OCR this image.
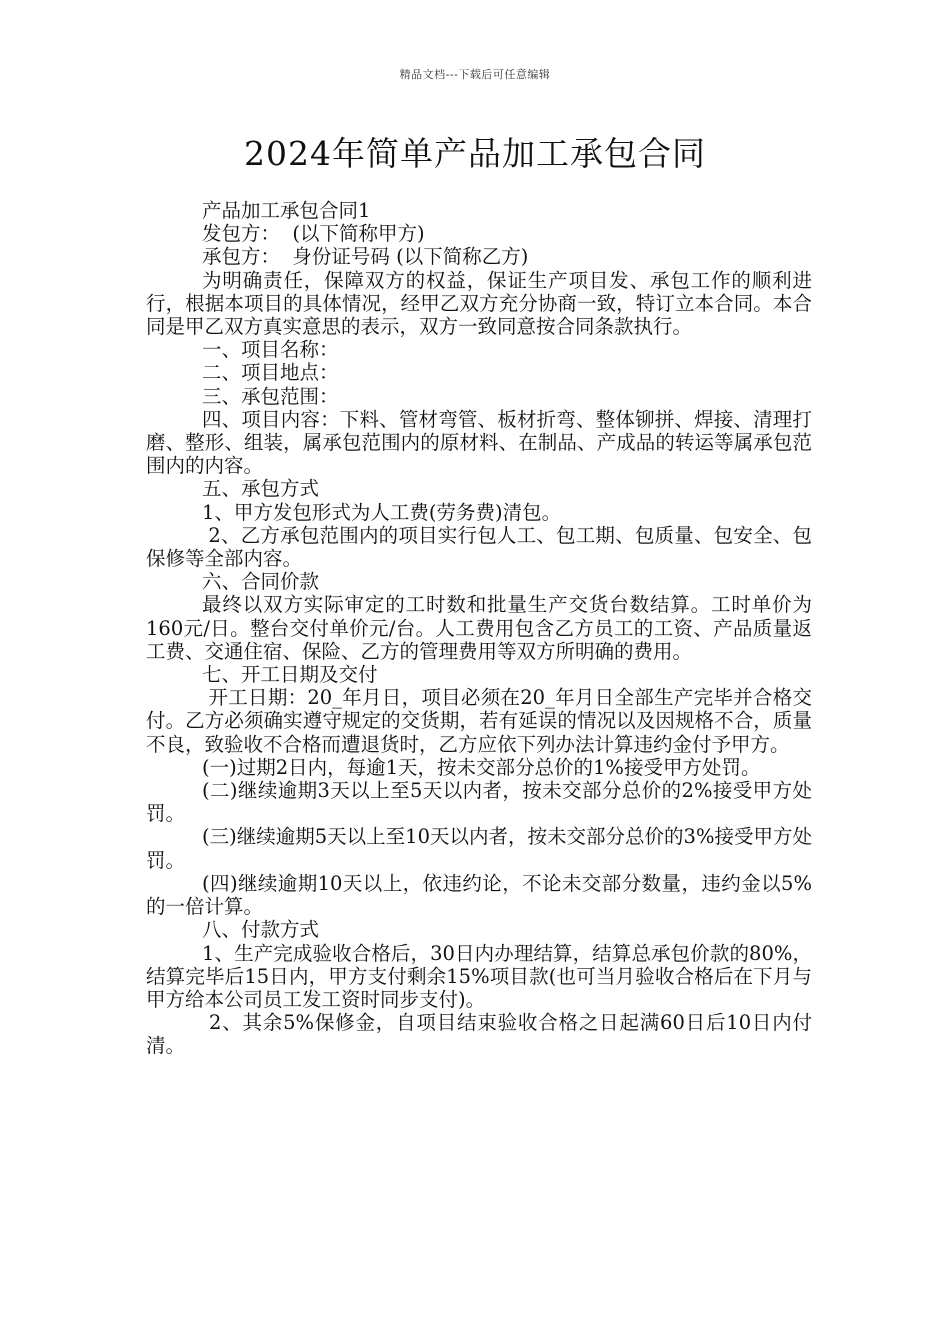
精品文档---下载后可任意编辑
2024年简单产品加工承包合同

产品加工承包合同1

发包方：  (以下简称甲方)

承包方：  身份证号码 (以下简称乙方)

为明确责任，保障双方的权益，保证生产项目发、承包工作的顺利进行，根据本项目的具体情况，经甲乙双方充分协商一致，特订立本合同。本合同是甲乙双方真实意思的表示，双方一致同意按合同条款执行。

一、项目名称：

二、项目地点：

三、承包范围：

四、项目内容：下料、管材弯管、板材折弯、整体铆拼、焊接、清理打磨、整形、组装，属承包范围内的原材料、在制品、产成品的转运等属承包范围内的内容。

五、承包方式

1、甲方发包形式为人工费(劳务费)清包。

2、乙方承包范围内的项目实行包人工、包工期、包质量、包安全、包保修等全部内容。

六、合同价款

最终以双方实际审定的工时数和批量生产交货台数结算。工时单价为160元/日。整台交付单价元/台。人工费用包含乙方员工的工资、产品质量返工费、交通住宿、保险、乙方的管理费用等双方所明确的费用。

七、开工日期及交付

开工日期：20_年月日，项目必须在20_年月日全部生产完毕并合格交付。乙方必须确实遵守规定的交货期，若有延误的情况以及因规格不合，质量不良，致验收不合格而遭退货时，乙方应依下列办法计算违约金付予甲方。

(一)过期2日内，每逾1天，按未交部分总价的1%接受甲方处罚。

(二)继续逾期3天以上至5天以内者，按未交部分总价的2%接受甲方处罚。

(三)继续逾期5天以上至10天以内者，按未交部分总价的3%接受甲方处罚。

(四)继续逾期10天以上，依违约论，不论未交部分数量，违约金以5%的一倍计算。

八、付款方式

1、生产完成验收合格后，30日内办理结算，结算总承包价款的80%，结算完毕后15日内，甲方支付剩余15%项目款(也可当月验收合格后在下月与甲方给本公司员工发工资时同步支付)。

2、其余5%保修金，自项目结束验收合格之日起满60日后10日内付清。
